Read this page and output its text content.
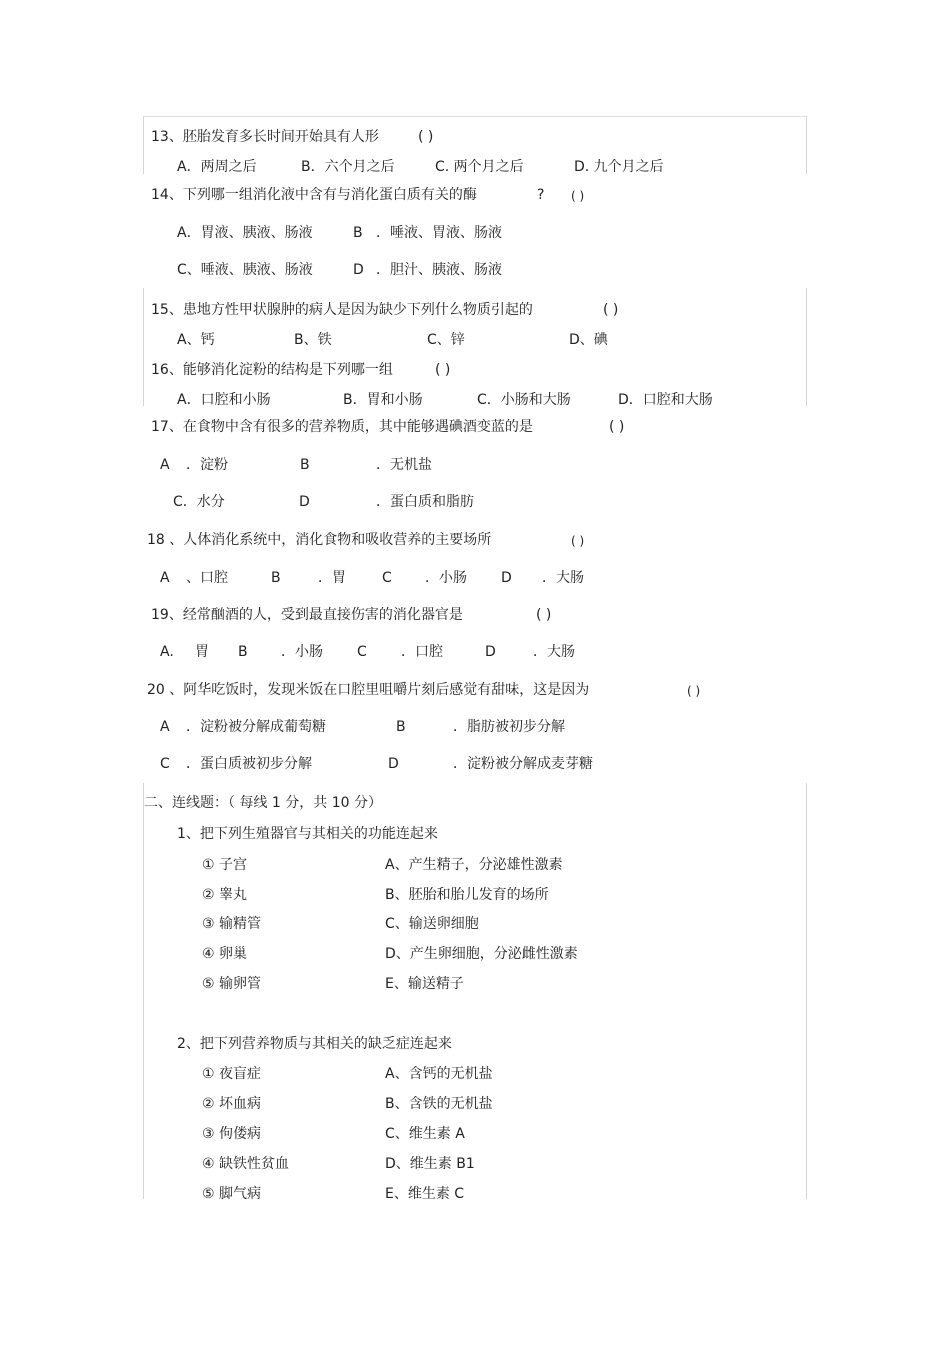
13、胚胎发育多长时间开始具有人形	( )
A．两周之后	B．六个月之后	C. 两个月之后	D. 九个月之后
14、下列哪一组消化液中含有与消化蛋白质有关的酶	? ( )
A．胃液、胰液、肠液	B ．唾液、胃液、肠液
C、唾液、胰液、肠液	D ．胆汁、胰液、肠液
15、患地方性甲状腺肿的病人是因为缺少下列什么物质引起的	( )
A、钙	B、铁	C、锌	D、碘
16、能够消化淀粉的结构是下列哪一组	( )
A．口腔和小肠	B．胃和小肠	C．小肠和大肠	D．口腔和大肠
17、在食物中含有很多的营养物质，其中能够遇碘酒变蓝的是	( )
A ．淀粉	B	．无机盐
C．水分	D	．蛋白质和脂肪
18 、人体消化系统中，消化食物和吸收营养的主要场所	( )
A 、口腔	B	．胃	C ．小肠 D ．大肠
19、经常酗酒的人，受到最直接伤害的消化器官是	( )
A. 胃 B ．小肠 C ．口腔	D	．大肠
20 、阿华吃饭时，发现米饭在口腔里咀嚼片刻后感觉有甜味，这是因为	( )
A ．淀粉被分解成葡萄糖	B	．脂肪被初步分解
C ．蛋白质被初步分解	D	．淀粉被分解成麦芽糖
二、连线题：（ 每线 1 分，共 10 分）
1、把下列生殖器官与其相关的功能连起来
① 子宫	A、产生精子，分泌雄性激素
② 睾丸	B、胚胎和胎儿发育的场所
③ 输精管	C、输送卵细胞
④ 卵巢	D、产生卵细胞，分泌雌性激素
⑤ 输卵管	E、输送精子
2、把下列营养物质与其相关的缺乏症连起来
① 夜盲症	A、含钙的无机盐
② 坏血病	B、含铁的无机盐
③ 佝偻病	C、维生素 A
④ 缺铁性贫血	D、维生素 B1
⑤ 脚气病	E、维生素 C
